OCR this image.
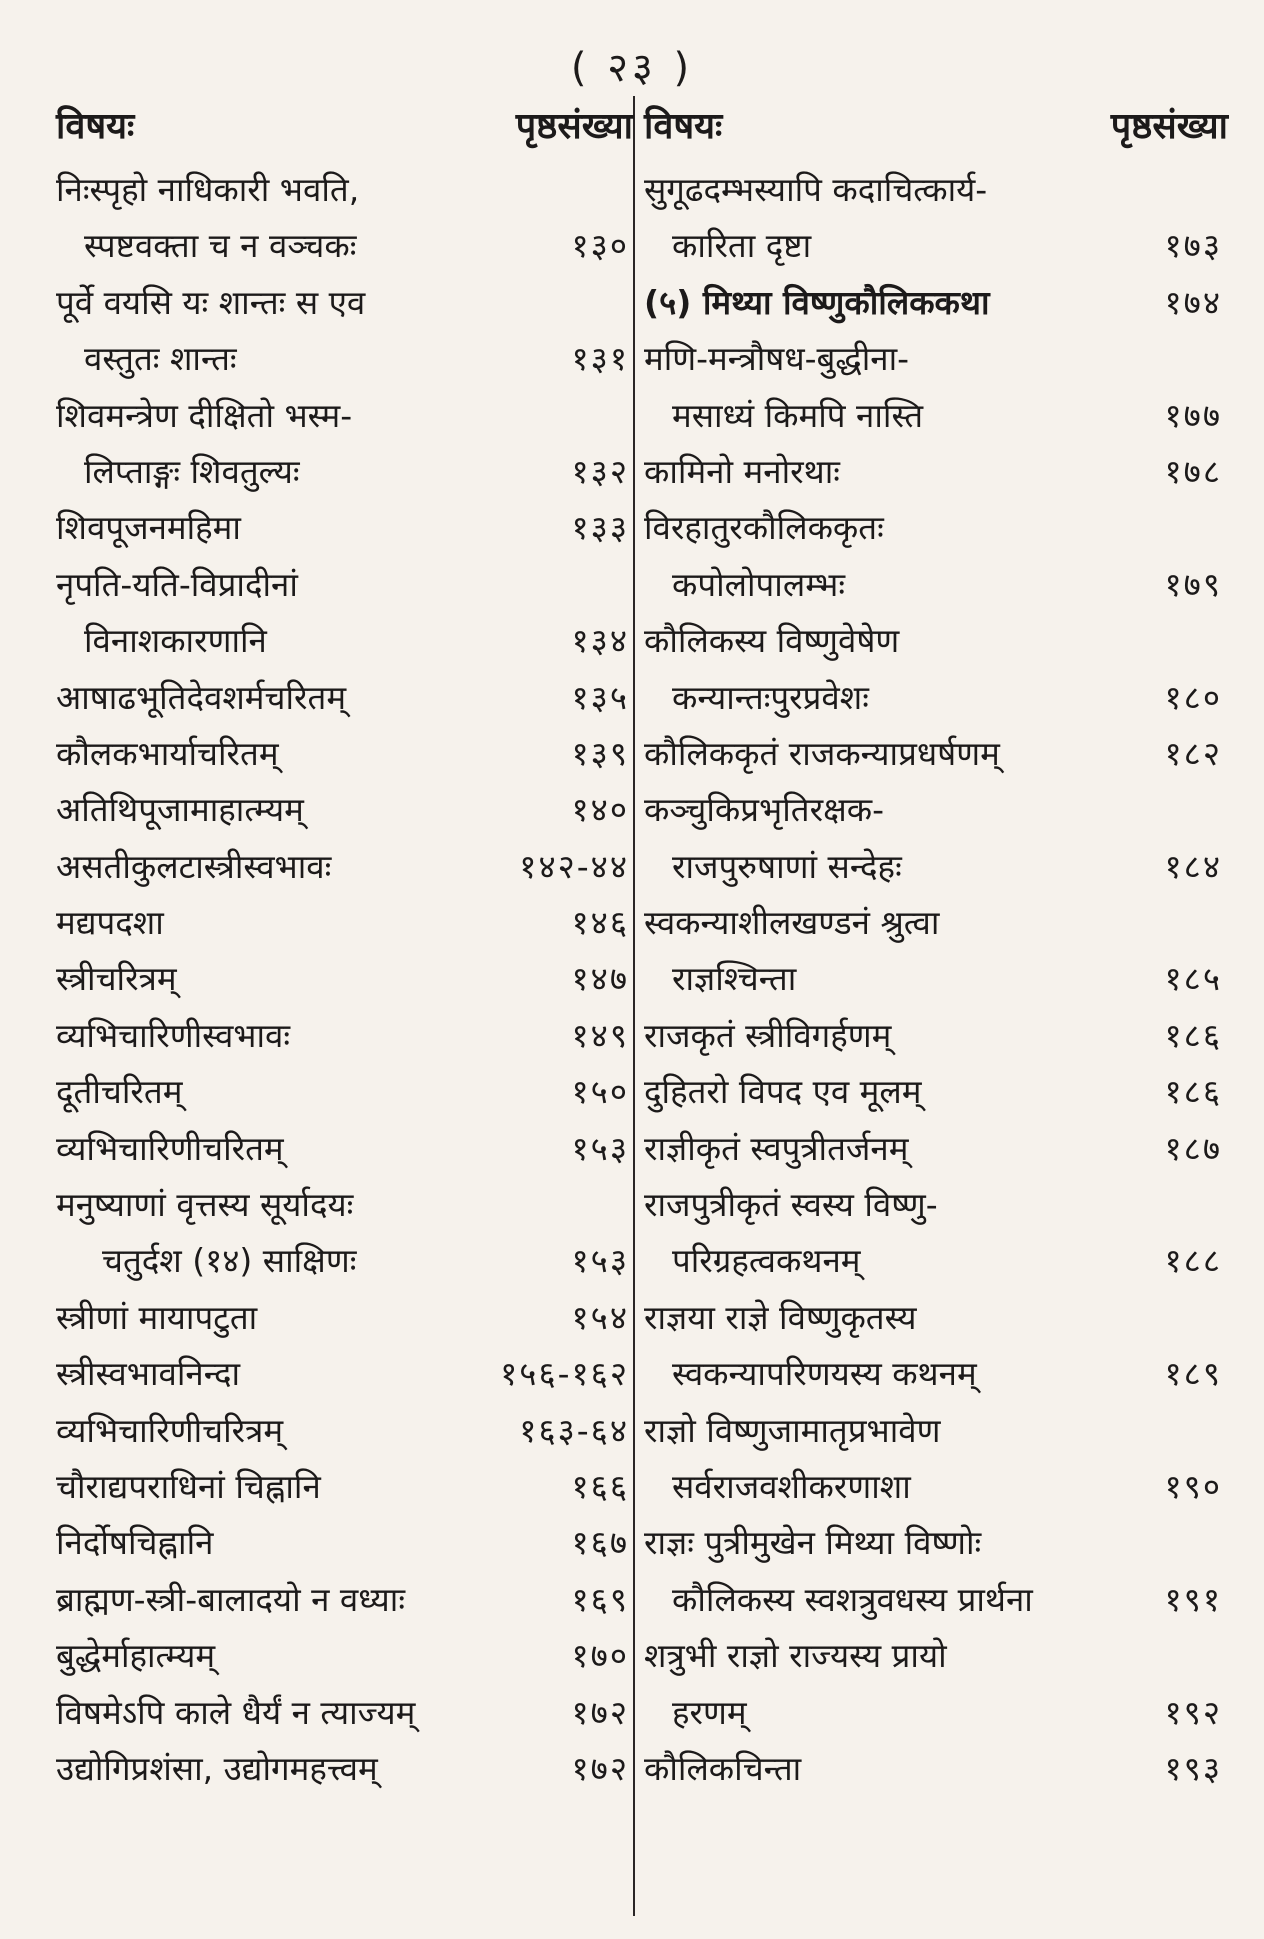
( २३ )
विषयः	पृष्ठसंख्या
निःस्पृहो नाधिकारी भवति,
स्पष्टवक्ता च न वञ्चकः	१३०
पूर्वे वयसि यः शान्तः स एव
वस्तुतः शान्तः	१३१
शिवमन्त्रेण दीक्षितो भस्म-
लिप्ताङ्गः शिवतुल्यः	१३२
शिवपूजनमहिमा	१३३
नृपति-यति-विप्रादीनां
विनाशकारणानि	१३४
आषाढभूतिदेवशर्मचरितम्	१३५
कौलकभार्याचरितम्	१३९
अतिथिपूजामाहात्म्यम्	१४०
असतीकुलटास्त्रीस्वभावः	१४२-४४
मद्यपदशा	१४६
स्त्रीचरित्रम्	१४७
व्यभिचारिणीस्वभावः	१४९
दूतीचरितम्	१५०
व्यभिचारिणीचरितम्	१५३
मनुष्याणां वृत्तस्य सूर्यादयः
चतुर्दश (१४) साक्षिणः	१५३
स्त्रीणां मायापटुता	१५४
स्त्रीस्वभावनिन्दा	१५६-१६२
व्यभिचारिणीचरित्रम्	१६३-६४
चौराद्यपराधिनां चिह्नानि	१६६
निर्दोषचिह्नानि	१६७
ब्राह्मण-स्त्री-बालादयो न वध्याः	१६९
बुद्धेर्माहात्म्यम्	१७०
विषमेऽपि काले धैर्यं न त्याज्यम्	१७२
उद्योगिप्रशंसा, उद्योगमहत्त्वम्	१७२
विषयः	पृष्ठसंख्या
सुगूढदम्भस्यापि कदाचित्कार्य-
कारिता दृष्टा	१७३
(५) मिथ्या विष्णुकौलिककथा	१७४
मणि-मन्त्रौषध-बुद्धीना-
मसाध्यं किमपि नास्ति	१७७
कामिनो मनोरथाः	१७८
विरहातुरकौलिककृतः
कपोलोपालम्भः	१७९
कौलिकस्य विष्णुवेषेण
कन्यान्तःपुरप्रवेशः	१८०
कौलिककृतं राजकन्याप्रधर्षणम्	१८२
कञ्चुकिप्रभृतिरक्षक-
राजपुरुषाणां सन्देहः	१८४
स्वकन्याशीलखण्डनं श्रुत्वा
राज्ञश्चिन्ता	१८५
राजकृतं स्त्रीविगर्हणम्	१८६
दुहितरो विपद एव मूलम्	१८६
राज्ञीकृतं स्वपुत्रीतर्जनम्	१८७
राजपुत्रीकृतं स्वस्य विष्णु-
परिग्रहत्वकथनम्	१८८
राज्ञया राज्ञे विष्णुकृतस्य
स्वकन्यापरिणयस्य कथनम्	१८९
राज्ञो विष्णुजामातृप्रभावेण
सर्वराजवशीकरणाशा	१९०
राज्ञः पुत्रीमुखेन मिथ्या विष्णोः
कौलिकस्य स्वशत्रुवधस्य प्रार्थना	१९१
शत्रुभी राज्ञो राज्यस्य प्रायो
हरणम्	१९२
कौलिकचिन्ता	१९३
